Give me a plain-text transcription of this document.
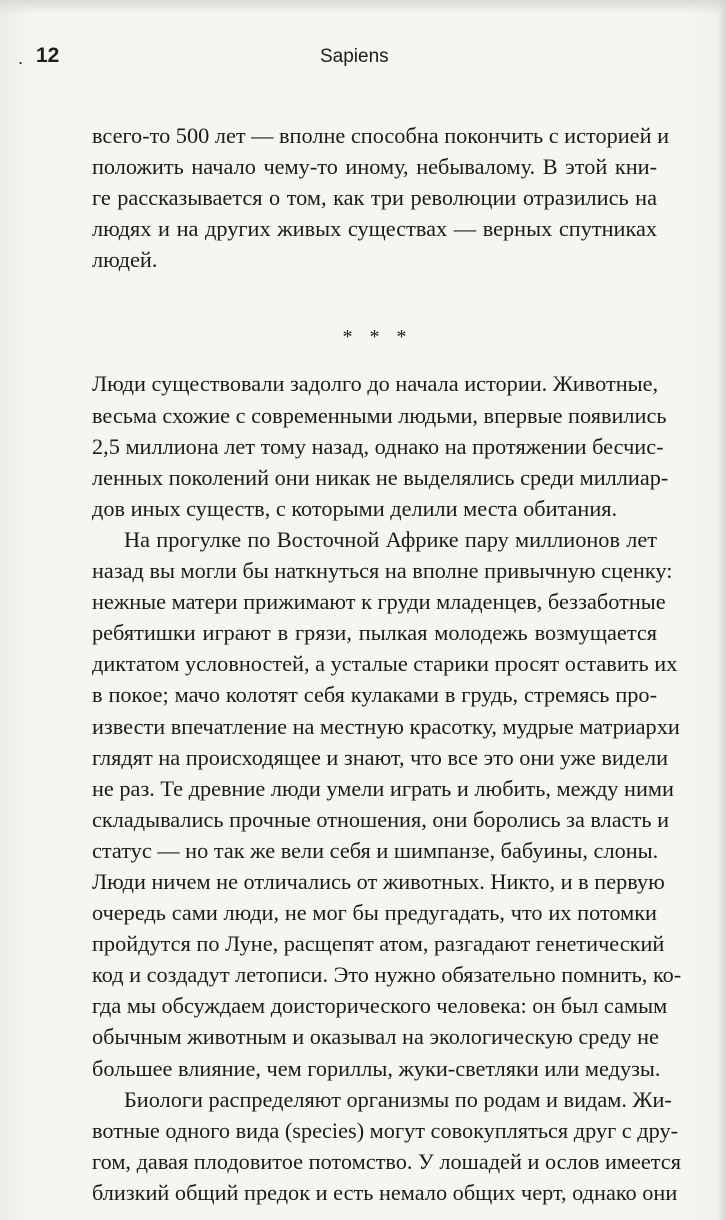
. 12	Sapiens
всего-то 500 лет — вполне способна покончить с историей и
положить начало чему-то иному, небывалому. В этой кни-
ге рассказывается о том, как три революции отразились на
людях и на других живых существах — верных спутниках
людей.
* * *
Люди существовали задолго до начала истории. Животные,
весьма схожие с современными людьми, впервые появились
2,5 миллиона лет тому назад, однако на протяжении бесчис-
ленных поколений они никак не выделялись среди миллиар-
дов иных существ, с которыми делили места обитания.
На прогулке по Восточной Африке пару миллионов лет
назад вы могли бы наткнуться на вполне привычную сценку:
нежные матери прижимают к груди младенцев, беззаботные
ребятишки играют в грязи, пылкая молодежь возмущается
диктатом условностей, а усталые старики просят оставить их
в покое; мачо колотят себя кулаками в грудь, стремясь про-
извести впечатление на местную красотку, мудрые матриархи
глядят на происходящее и знают, что все это они уже видели
не раз. Те древние люди умели играть и любить, между ними
складывались прочные отношения, они боролись за власть и
статус — но так же вели себя и шимпанзе, бабуины, слоны.
Люди ничем не отличались от животных. Никто, и в первую
очередь сами люди, не мог бы предугадать, что их потомки
пройдутся по Луне, расщепят атом, разгадают генетический
код и создадут летописи. Это нужно обязательно помнить, ко-
гда мы обсуждаем доисторического человека: он был самым
обычным животным и оказывал на экологическую среду не
большее влияние, чем гориллы, жуки-светляки или медузы.
Биологи распределяют организмы по родам и видам. Жи-
вотные одного вида (species) могут совокупляться друг с дру-
гом, давая плодовитое потомство. У лошадей и ослов имеется
близкий общий предок и есть немало общих черт, однако они
